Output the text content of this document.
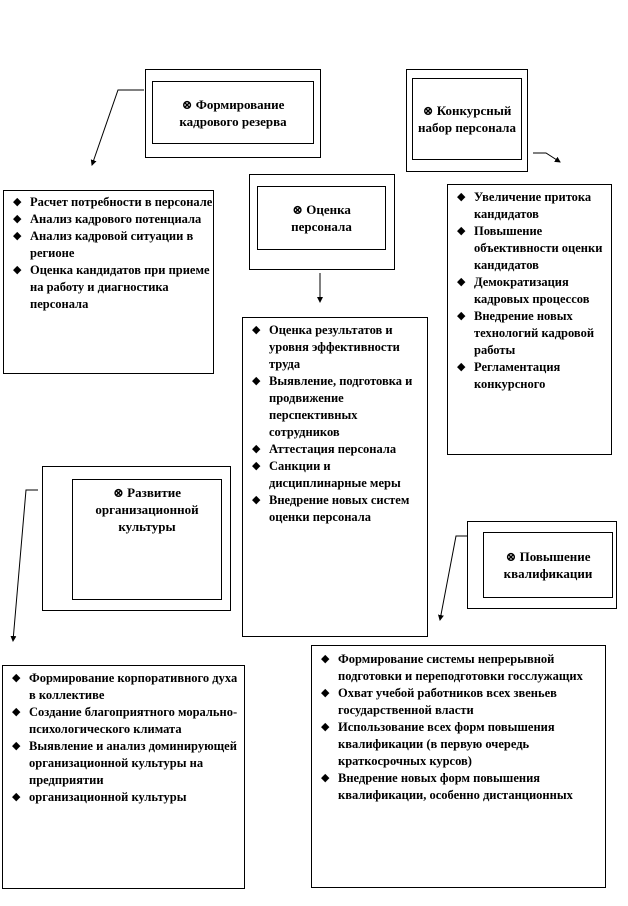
⊗ Формирование кадрового резерва
◆ Расчет потребности в персонале
◆ Анализ кадрового потенциала
◆ Анализ кадровой ситуации в регионе
◆ Оценка кандидатов при приеме на работу и диагностика персонала
⊗ Конкурсный набор персонала
◆ Увеличение притока кандидатов
◆ Повышение объективности оценки кандидатов
◆ Демократизация кадровых процессов
◆ Внедрение новых технологий кадровой работы
◆ Регламентация конкурсного
⊗ Оценка персонала
◆ Оценка результатов и уровня эффективности труда
◆ Выявление, подготовка и продвижение перспективных сотрудников
◆ Аттестация персонала
◆ Санкции и дисциплинарные меры
◆ Внедрение новых систем оценки персонала
⊗ Развитие организационной культуры
◆ Формирование корпоративного духа в коллективе
◆ Создание благоприятного морально-психологического климата
◆ Выявление и анализ доминирующей организационной культуры на предприятии
◆ организационной культуры
⊗ Повышение квалификации
◆ Формирование системы непрерывной подготовки и переподготовки госслужащих
◆ Охват учебой работников всех звеньев государственной власти
◆ Использование всех форм повышения квалификации (в первую очередь краткосрочных курсов)
◆ Внедрение новых форм повышения квалификации, особенно дистанционных
